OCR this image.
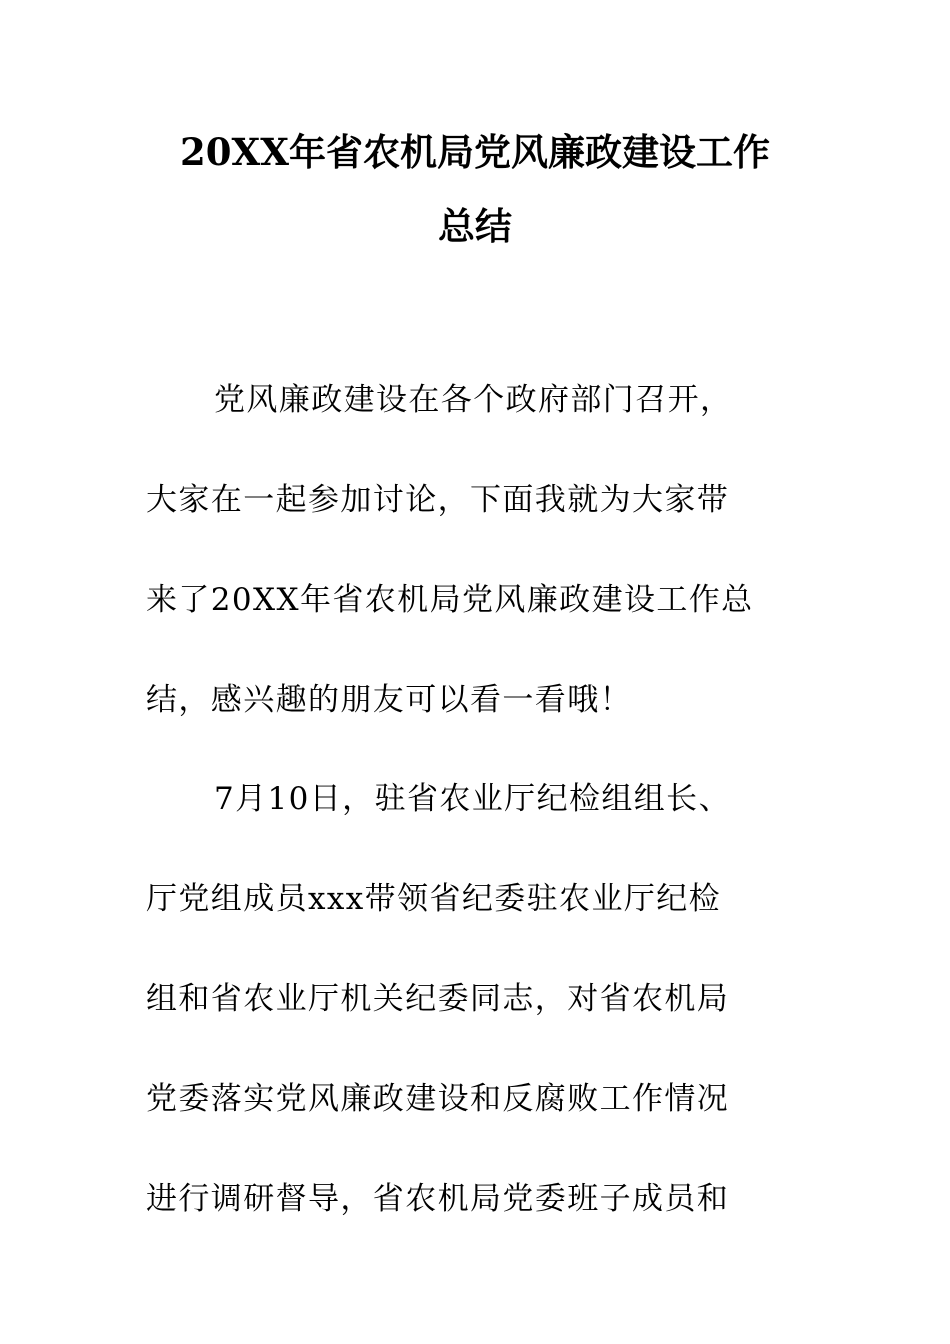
20XX年省农机局党风廉政建设工作
总结
党风廉政建设在各个政府部门召开，
大家在一起参加讨论，下面我就为大家带
来了20XX年省农机局党风廉政建设工作总
结，感兴趣的朋友可以看一看哦！
7月10日，驻省农业厅纪检组组长、
厅党组成员xxx带领省纪委驻农业厅纪检
组和省农业厅机关纪委同志，对省农机局
党委落实党风廉政建设和反腐败工作情况
进行调研督导，省农机局党委班子成员和
